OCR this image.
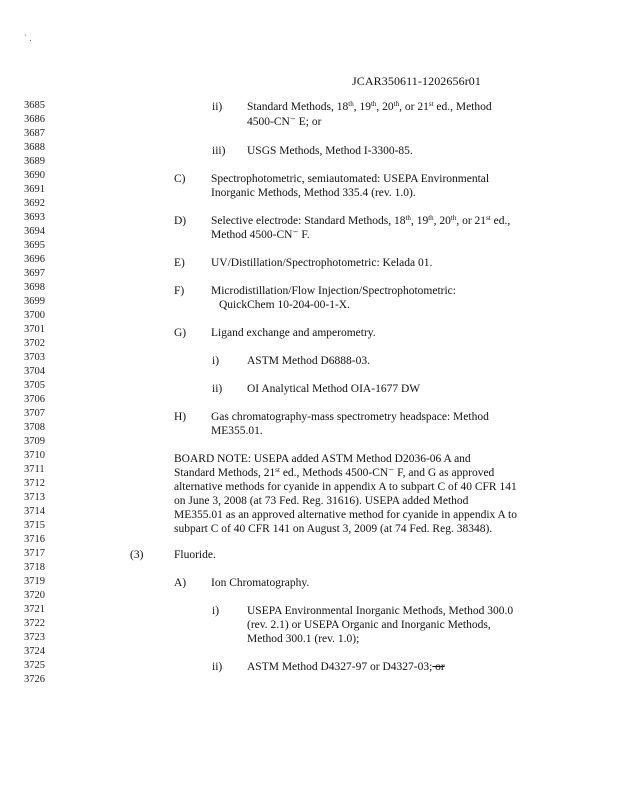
` .
JCAR350611-1202656r01
3685
3686
3687
3688
3689
3690
3691
3692
3693
3694
3695
3696
3697
3698
3699
3700
3701
3702
3703
3704
3705
3706
3707
3708
3709
3710
3711
3712
3713
3714
3715
3716
3717
3718
3719
3720
3721
3722
3723
3724
3725
3726
ii) Standard Methods, 18th, 19th, 20th, or 21st ed., Method
4500-CN⁻ E; or
iii) USGS Methods, Method I-3300-85.
C) Spectrophotometric, semiautomated: USEPA Environmental
Inorganic Methods, Method 335.4 (rev. 1.0).
D) Selective electrode: Standard Methods, 18th, 19th, 20th, or 21st ed.,
Method 4500-CN⁻ F.
E) UV/Distillation/Spectrophotometric: Kelada 01.
F) Microdistillation/Flow Injection/Spectrophotometric:
QuickChem 10-204-00-1-X.
G) Ligand exchange and amperometry.
i) ASTM Method D6888-03.
ii) OI Analytical Method OIA-1677 DW
H) Gas chromatography-mass spectrometry headspace: Method
ME355.01.
BOARD NOTE: USEPA added ASTM Method D2036-06 A and
Standard Methods, 21st ed., Methods 4500-CN⁻ F, and G as approved
alternative methods for cyanide in appendix A to subpart C of 40 CFR 141
on June 3, 2008 (at 73 Fed. Reg. 31616). USEPA added Method
ME355.01 as an approved alternative method for cyanide in appendix A to
subpart C of 40 CFR 141 on August 3, 2009 (at 74 Fed. Reg. 38348).
(3)	Fluoride.
A) Ion Chromatography.
i) USEPA Environmental Inorganic Methods, Method 300.0
(rev. 2.1) or USEPA Organic and Inorganic Methods,
Method 300.1 (rev. 1.0);
ii) ASTM Method D4327-97 or D4327-03; or
